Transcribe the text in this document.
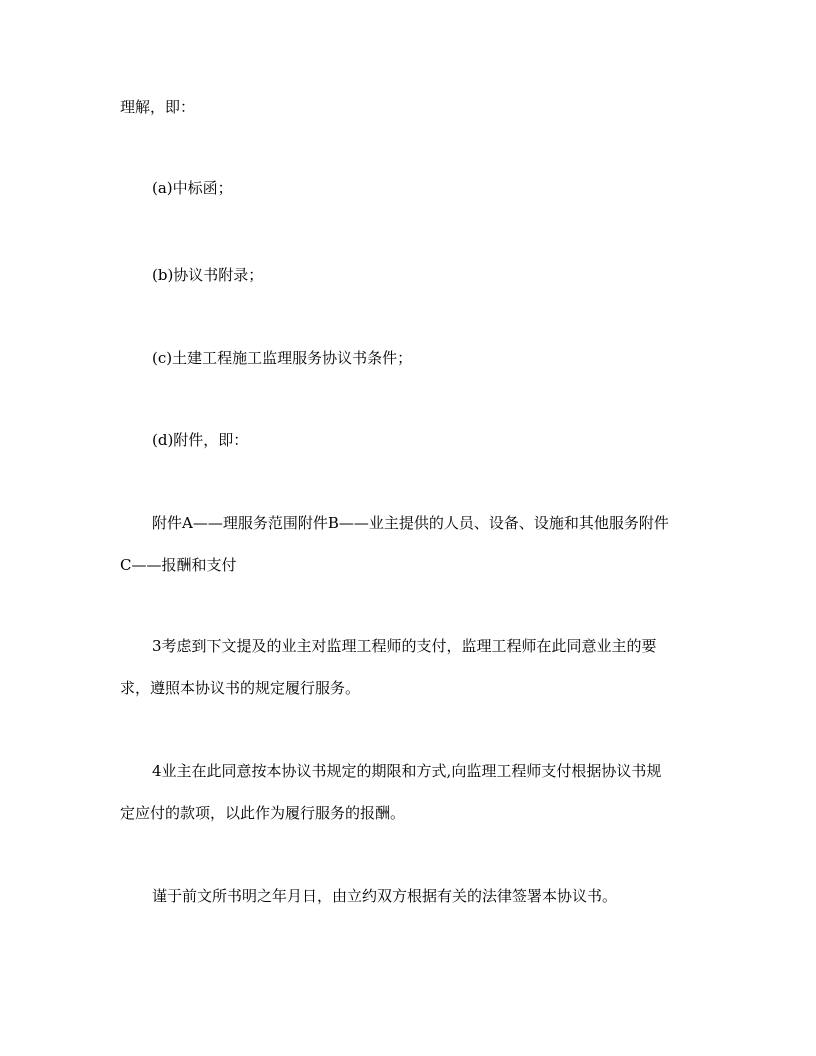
理解，即：
(a)中标函；
(b)协议书附录；
(c)土建工程施工监理服务协议书条件；
(d)附件，即：
附件A——理服务范围附件B——业主提供的人员、设备、设施和其他服务附件
C——报酬和支付
3考虑到下文提及的业主对监理工程师的支付，监理工程师在此同意业主的要
求，遵照本协议书的规定履行服务。
4业主在此同意按本协议书规定的期限和方式,向监理工程师支付根据协议书规
定应付的款项，以此作为履行服务的报酬。
谨于前文所书明之年月日，由立约双方根据有关的法律签署本协议书。
